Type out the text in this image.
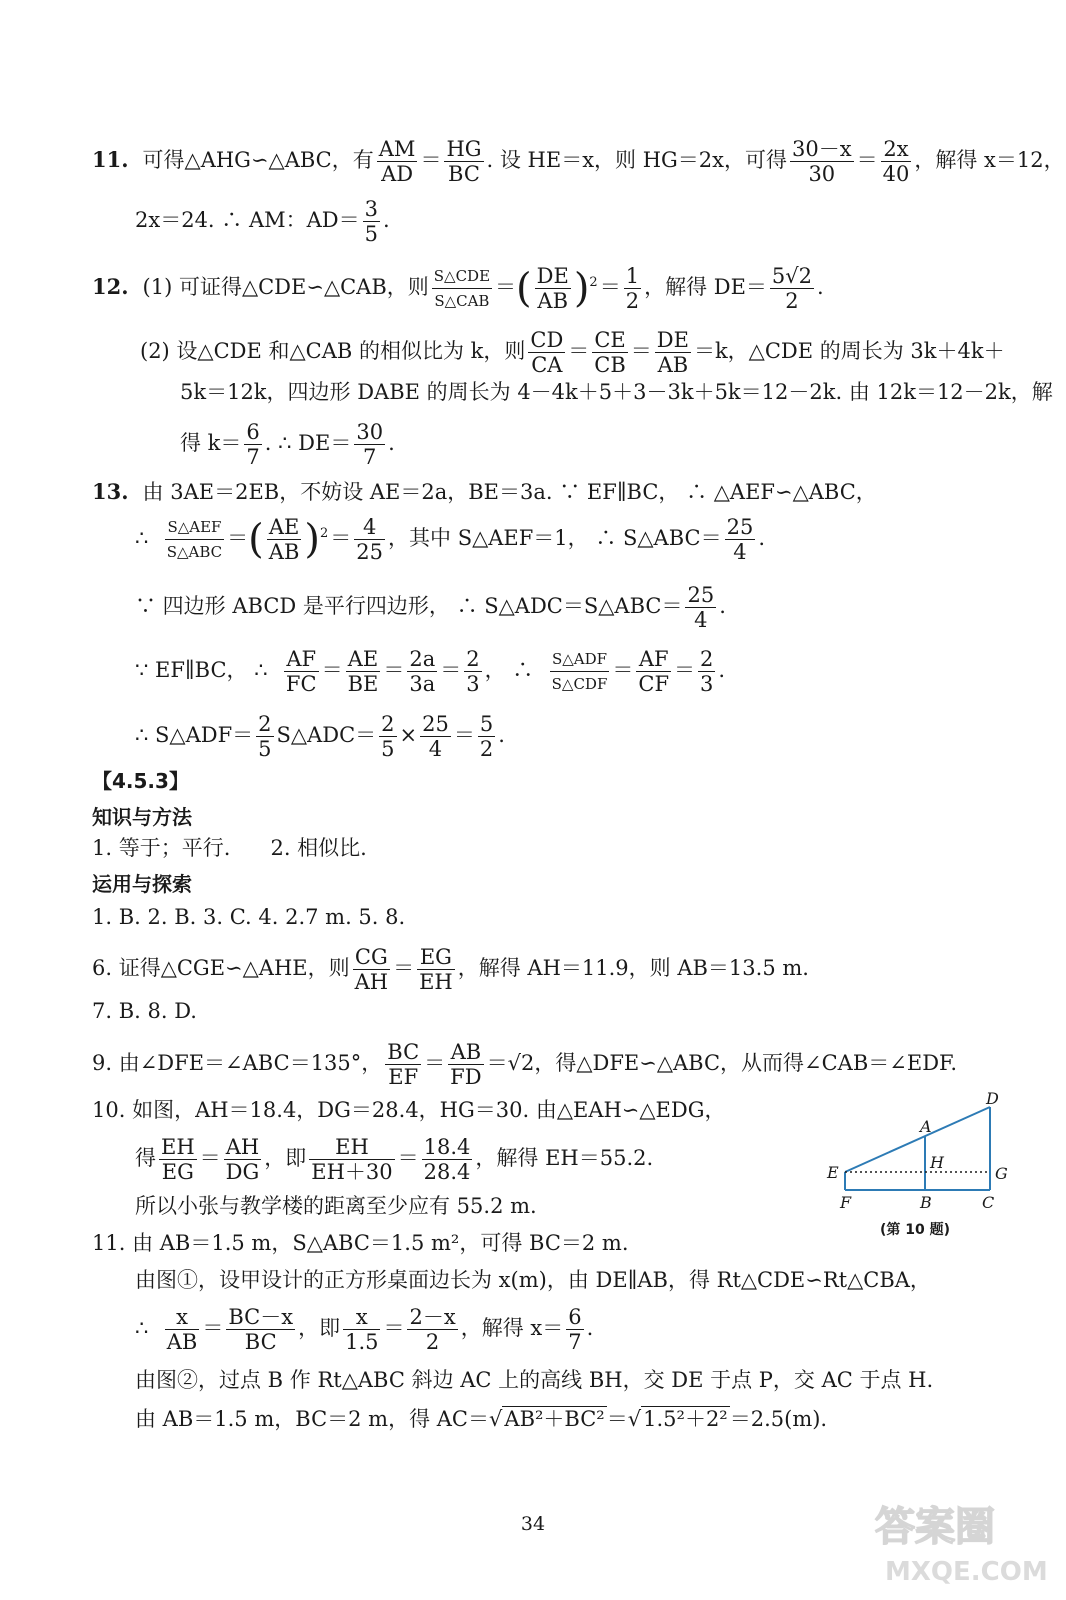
11. 可得△AHG∽△ABC，有 $\frac{AM}{AD} = \frac{HG}{BC}$ . 设 HE＝x，则 HG＝2x，可得 $\frac{30-x}{30} = \frac{2x}{40}$ ，解得 x＝12，
2x＝24. ∴ AM：$AD= \frac{3}{5}$ .
12. (1) 可证得△CDE∽△CAB，则 $\frac{\text{S△CDE}}{\text{S△CAB}}$ ＝( $\frac{DE}{AB} )^2= \frac{1}{2}$ ，解得 $DE= \frac{5√2}{2}$ .
(2) 设△CDE 和△CAB 的相似比为 k，则 $\frac{CD}{CA} = \frac{CE}{CB} = \frac{DE}{AB} =k$，△CDE 的周长为 3k＋4k＋
5k＝12k，四边形 DABE 的周长为 4－4k＋5＋3－3k＋5k＝12－2k. 由 12k＝12－2k，解
得 $k= \frac{6}{7}$ . ∴ $DE= \frac{30}{7}$ .
13. 由 3AE＝2EB，不妨设 AE＝2a，BE＝3a. ∵ EF∥BC， ∴ △AEF∽△ABC，
∴ $\frac{\text{S△AEF}}{\text{S△ABC}}$ ＝( $\frac{AE}{AB} )^2= \frac{4}{25}$ ，其中 S△AEF＝1， ∴ S△ABC＝ $\frac{25}{4}$ .
∵ 四边形 ABCD 是平行四边形， ∴ S△ADC＝S△ABC＝ $\frac{25}{4}$ .
∵ EF∥BC， ∴ $\frac{AF}{FC} = \frac{AE}{BE} = \frac{2a}{3a} = \frac{2}{3}$ ， ∴ $\frac{\text{S△ADF}}{\text{S△CDF}} = \frac{AF}{CF} = \frac{2}{3}$ .
∴ S△ADF＝ $\frac{2}{5}$ S△ADC＝ $\frac{2}{5} \times \frac{25}{4} = \frac{5}{2}$ .
【4.5.3】
知识与方法
1. 等于；平行. 2. 相似比.
运用与探索
1. B. 2. B. 3. C. 4. 2.7 m. 5. 8.
6. 证得△CGE∽△AHE，则 $\frac{CG}{AH} = \frac{EG}{EH}$ ，解得 AH＝11.9，则 AB＝13.5 m.
7. B. 8. D.
9. 由∠DFE＝∠ABC＝135°， $\frac{BC}{EF} = \frac{AB}{FD} =√2$，得△DFE∽△ABC，从而得∠CAB＝∠EDF.
10. 如图，AH＝18.4，DG＝28.4，HG＝30. 由△EAH∽△EDG，
得 $\frac{EH}{EG} = \frac{AH}{DG}$ ，即 $\frac{EH}{EH+30} = \frac{18.4}{28.4}$ ，解得 EH＝55.2.
所以小张与教学楼的距离至少应有 55.2 m.
D
A
E
H
G
F	B	C
(第 10 题)
11. 由 AB＝1.5 m，S△ABC＝1.5 m²，可得 BC＝2 m.
由图①，设甲设计的正方形桌面边长为 x(m)，由 DE∥AB，得 Rt△CDE∽Rt△CBA，
∴ $\frac{x}{AB} = \frac{BC-x}{BC}$ ，即 $\frac{x}{1.5} = \frac{2-x}{2}$ ，解得 $x= \frac{6}{7}$ .
由图②，过点 B 作 Rt△ABC 斜边 AC 上的高线 BH，交 DE 于点 P，交 AC 于点 H.
由 AB＝1.5 m，BC＝2 m，得 AC＝√AB²＋BC²＝√1.5²＋2²＝2.5(m).
34	答案圈
MXQE.COM
